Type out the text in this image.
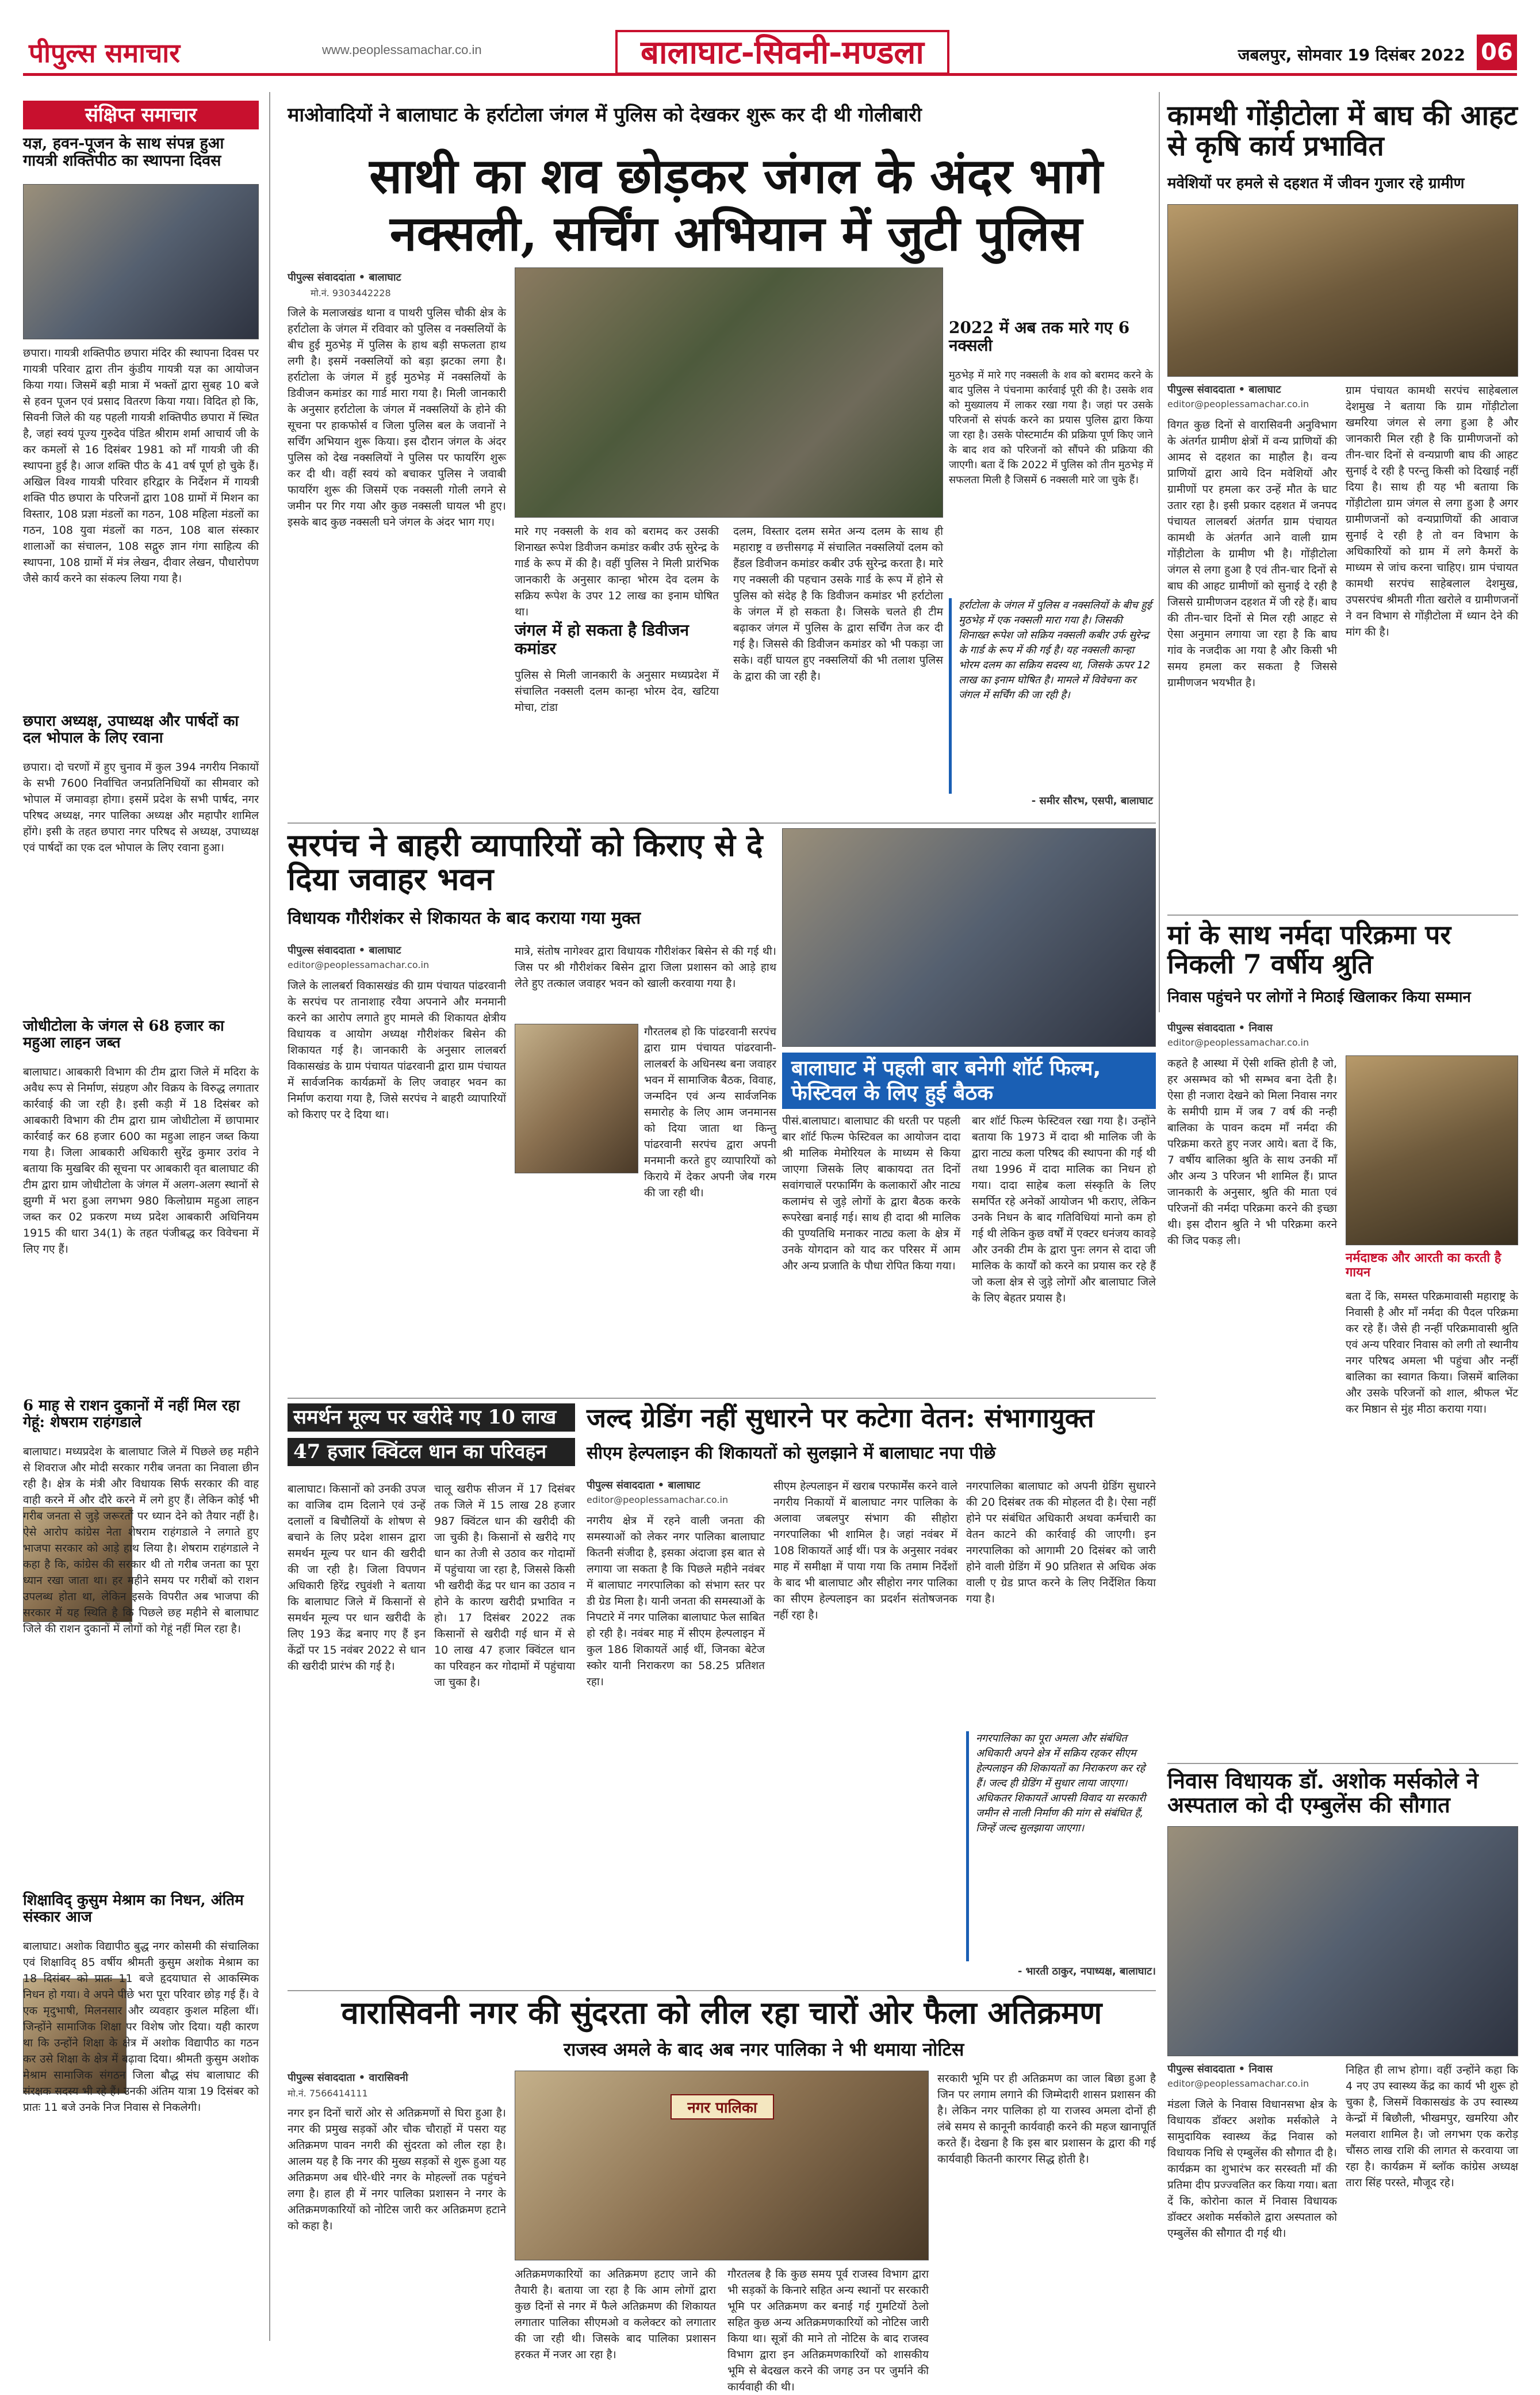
पीपुल्स समाचार	www.peoplessamachar.co.in	बालाघाट-सिवनी-मण्डला	जबलपुर, सोमवार 19 दिसंबर 2022 06
संक्षिप्त समाचार
यज्ञ, हवन-पूजन के साथ संपन्न हुआ गायत्री शक्तिपीठ का स्थापना दिवस
छपारा। गायत्री शक्तिपीठ छपारा मंदिर की स्थापना दिवस पर गायत्री परिवार द्वारा तीन कुंडीय गायत्री यज्ञ का आयोजन किया गया। जिसमें बड़ी मात्रा में भक्तों द्वारा सुबह 10 बजे से हवन पूजन एवं प्रसाद वितरण किया गया। विदित हो कि, सिवनी जिले की यह पहली गायत्री शक्तिपीठ छपारा में स्थित है, जहां स्वयं पूज्य गुरुदेव पंडित श्रीराम शर्मा आचार्य जी के कर कमलों से 16 दिसंबर 1981 को माँ गायत्री जी की स्थापना हुई है। आज शक्ति पीठ के 41 वर्ष पूर्ण हो चुके हैं। अखिल विश्व गायत्री परिवार हरिद्वार के निर्देशन में गायत्री शक्ति पीठ छपारा के परिजनों द्वारा 108 ग्रामों में मिशन का विस्तार, 108 प्रज्ञा मंडलों का गठन, 108 महिला मंडलों का गठन, 108 युवा मंडलों का गठन, 108 बाल संस्कार शालाओं का संचालन, 108 सद्गुरु ज्ञान गंगा साहित्य की स्थापना, 108 ग्रामों में मंत्र लेखन, दीवार लेखन, पौधारोपण जैसे कार्य करने का संकल्प लिया गया है।
छपारा अध्यक्ष, उपाध्यक्ष और पार्षदों का दल भोपाल के लिए रवाना
छपारा। दो चरणों में हुए चुनाव में कुल 394 नगरीय निकायों के सभी 7600 निर्वाचित जनप्रतिनिधियों का सीमवार को भोपाल में जमावड़ा होगा। इसमें प्रदेश के सभी पार्षद, नगर परिषद अध्यक्ष, नगर पालिका अध्यक्ष और महापौर शामिल होंगे। इसी के तहत छपारा नगर परिषद से अध्यक्ष, उपाध्यक्ष एवं पार्षदों का एक दल भोपाल के लिए रवाना हुआ।
जोधीटोला के जंगल से 68 हजार का महुआ लाहन जब्त
बालाघाट। आबकारी विभाग की टीम द्वारा जिले में मदिरा के अवैध रूप से निर्माण, संग्रहण और विक्रय के विरुद्ध लगातार कार्रवाई की जा रही है। इसी कड़ी में 18 दिसंबर को आबकारी विभाग की टीम द्वारा ग्राम जोधीटोला में छापामार कार्रवाई कर 68 हजार 600 का महुआ लाहन जब्त किया गया है। जिला आबकारी अधिकारी सुरेंद्र कुमार उरांव ने बताया कि मुखबिर की सूचना पर आबकारी वृत बालाघाट की टीम द्वारा ग्राम जोधीटोला के जंगल में अलग-अलग स्थानों से झुग्गी में भरा हुआ लगभग 980 किलोग्राम महुआ लाहन जब्त कर 02 प्रकरण मध्य प्रदेश आबकारी अधिनियम 1915 की धारा 34(1) के तहत पंजीबद्ध कर विवेचना में लिए गए हैं।
6 माह से राशन दुकानों में नहीं मिल रहा गेहूं: शेषराम राहंगडाले
बालाघाट। मध्यप्रदेश के बालाघाट जिले में पिछले छह महीने से शिवराज और मोदी सरकार गरीब जनता का निवाला छीन रही है। क्षेत्र के मंत्री और विधायक सिर्फ सरकार की वाह वाही करने में और दौरे करने में लगे हुए हैं। लेकिन कोई भी गरीब जनता से जुड़े जरूरतों पर ध्यान देने को तैयार नहीं है। ऐसे आरोप कांग्रेस नेता शेषराम राहंगडाले ने लगाते हुए भाजपा सरकार को आड़े हाथ लिया है। शेषराम राहंगडाले ने कहा है कि, कांग्रेस की सरकार थी तो गरीब जनता का पूरा ध्यान रखा जाता था। हर महीने समय पर गरीबों को राशन उपलब्ध होता था, लेकिन इसके विपरीत अब भाजपा की सरकार में यह स्थिति है कि पिछले छह महीने से बालाघाट जिले की राशन दुकानों में लोगों को गेहूं नहीं मिल रहा है।
शिक्षाविद् कुसुम मेश्राम का निधन, अंतिम संस्कार आज
बालाघाट। अशोक विद्यापीठ बुद्ध नगर कोसमी की संचालिका एवं शिक्षाविद् 85 वर्षीय श्रीमती कुसुम अशोक मेश्राम का 18 दिसंबर को प्रातः 11 बजे हृदयाघात से आकस्मिक निधन हो गया। वे अपने पीछे भरा पूरा परिवार छोड़ गई हैं। वे एक मृदुभाषी, मिलनसार और व्यवहार कुशल महिला थीं। जिन्होंने सामाजिक शिक्षा पर विशेष जोर दिया। यही कारण था कि उन्होंने शिक्षा के क्षेत्र में अशोक विद्यापीठ का गठन कर उसे शिक्षा के क्षेत्र में बढ़ावा दिया। श्रीमती कुसुम अशोक मेश्राम सामाजिक संगठन जिला बौद्ध संघ बालाघाट की संरक्षक सदस्य भी रहे हैं। उनकी अंतिम यात्रा 19 दिसंबर को प्रातः 11 बजे उनके निज निवास से निकलेगी।
माओवादियों ने बालाघाट के हर्राटोला जंगल में पुलिस को देखकर शुरू कर दी थी गोलीबारी
साथी का शव छोड़कर जंगल के अंदर भागे
नक्सली, सर्चिंग अभियान में जुटी पुलिस
पीपुल्स संवाददाता • बालाघाट
मो.नं. 9303442228
जिले के मलाजखंड थाना व पाथरी पुलिस चौकी क्षेत्र के हर्राटोला के जंगल में रविवार को पुलिस व नक्सलियों के बीच हुई मुठभेड़ में पुलिस के हाथ बड़ी सफलता हाथ लगी है। इसमें नक्सलियों को बड़ा झटका लगा है। हर्राटोला के जंगल में हुई मुठभेड़ में नक्सलियों के डिवीजन कमांडर का गार्ड मारा गया है। मिली जानकारी के अनुसार हर्राटोला के जंगल में नक्सलियों के होने की सूचना पर हाकफोर्स व जिला पुलिस बल के जवानों ने सर्चिंग अभियान शुरू किया। इस दौरान जंगल के अंदर पुलिस को देख नक्सलियों ने पुलिस पर फायरिंग शुरू कर दी थी। वहीं स्वयं को बचाकर पुलिस ने जवाबी फायरिंग शुरू की जिसमें एक नक्सली गोली लगने से जमीन पर गिर गया और कुछ नक्सली घायल भी हुए। इसके बाद कुछ नक्सली घने जंगल के अंदर भाग गए।
मारे गए नक्सली के शव को बरामद कर उसकी शिनाख्त रूपेश डिवीजन कमांडर कबीर उर्फ सुरेन्द्र के गार्ड के रूप में की है। वहीं पुलिस ने मिली प्रारंभिक जानकारी के अनुसार कान्हा भोरम देव दलम के सक्रिय रूपेश के उपर 12 लाख का इनाम घोषित था।
जंगल में हो सकता है डिवीजन कमांडर
पुलिस से मिली जानकारी के अनुसार मध्यप्रदेश में संचालित नक्सली दलम कान्हा भोरम देव, खटिया मोचा, टांडा
दलम, विस्तार दलम समेत अन्य दलम के साथ ही महाराष्ट्र व छत्तीसगढ़ में संचालित नक्सलियों दलम को हैंडल डिवीजन कमांडर कबीर उर्फ सुरेन्द्र करता है। मारे गए नक्सली की पहचान उसके गार्ड के रूप में होने से पुलिस को संदेह है कि डिवीजन कमांडर भी हर्राटोला के जंगल में हो सकता है। जिसके चलते ही टीम बढ़ाकर जंगल में पुलिस के द्वारा सर्चिंग तेज कर दी गई है। जिससे की डिवीजन कमांडर को भी पकड़ा जा सके। वहीं घायल हुए नक्सलियों की भी तलाश पुलिस के द्वारा की जा रही है।
2022 में अब तक मारे गए 6 नक्सली
मुठभेड़ में मारे गए नक्सली के शव को बरामद करने के बाद पुलिस ने पंचनामा कार्रवाई पूरी की है। उसके शव को मुख्यालय में लाकर रखा गया है। जहां पर उसके परिजनों से संपर्क करने का प्रयास पुलिस द्वारा किया जा रहा है। उसके पोस्टमार्टम की प्रक्रिया पूर्ण किए जाने के बाद शव को परिजनों को सौंपने की प्रक्रिया की जाएगी। बता दें कि 2022 में पुलिस को तीन मुठभेड़ में सफलता मिली है जिसमें 6 नक्सली मारे जा चुके हैं।
हर्राटोला के जंगल में पुलिस व नक्सलियों के बीच हुई मुठभेड़ में एक नक्सली मारा गया है। जिसकी शिनाख्त रूपेश जो सक्रिय नक्सली कबीर उर्फ सुरेन्द्र के गार्ड के रूप में की गई है। यह नक्सली कान्हा भोरम दलम का सक्रिय सदस्य था, जिसके ऊपर 12 लाख का इनाम घोषित है। मामले में विवेचना कर जंगल में सर्चिंग की जा रही है।
- समीर सौरभ, एसपी, बालाघाट
कामथी गोंड़ीटोला में बाघ की आहट से कृषि कार्य प्रभावित
मवेशियों पर हमले से दहशत में जीवन गुजार रहे ग्रामीण
पीपुल्स संवाददाता • बालाघाट
editor@peoplessamachar.co.in
विगत कुछ दिनों से वारासिवनी अनुविभाग के अंतर्गत ग्रामीण क्षेत्रों में वन्य प्राणियों की आमद से दहशत का माहौल है। वन्य प्राणियों द्वारा आये दिन मवेशियों और ग्रामीणों पर हमला कर उन्हें मौत के घाट उतार रहा है। इसी प्रकार दहशत में जनपद पंचायत लालबर्रा अंतर्गत ग्राम पंचायत कामथी के अंतर्गत आने वाली ग्राम गोंड़ीटोला के ग्रामीण भी है। गोंड़ीटोला जंगल से लगा हुआ है एवं तीन-चार दिनों से बाघ की आहट ग्रामीणों को सुनाई दे रही है जिससे ग्रामीणजन दहशत में जी रहे हैं। बाघ की तीन-चार दिनों से मिल रही आहट से ऐसा अनुमान लगाया जा रहा है कि बाघ गांव के नजदीक आ गया है और किसी भी समय हमला कर सकता है जिससे ग्रामीणजन भयभीत है।
ग्राम पंचायत कामथी सरपंच साहेबलाल देशमुख ने बताया कि ग्राम गोंड़ीटोला खमरिया जंगल से लगा हुआ है और जानकारी मिल रही है कि ग्रामीणजनों को तीन-चार दिनों से वन्यप्राणी बाघ की आहट सुनाई दे रही है परन्तु किसी को दिखाई नहीं दिया है। साथ ही यह भी बताया कि गोंड़ीटोला ग्राम जंगल से लगा हुआ है अगर ग्रामीणजनों को वन्यप्राणियों की आवाज सुनाई दे रही है तो वन विभाग के अधिकारियों को ग्राम में लगे कैमरों के माध्यम से जांच करना चाहिए। ग्राम पंचायत कामथी सरपंच साहेबलाल देशमुख, उपसरपंच श्रीमती गीता खरोले व ग्रामीणजनों ने वन विभाग से गोंड़ीटोला में ध्यान देने की मांग की है।
सरपंच ने बाहरी व्यापारियों को किराए से दे दिया जवाहर भवन
विधायक गौरीशंकर से शिकायत के बाद कराया गया मुक्त
पीपुल्स संवाददाता • बालाघाट
editor@peoplessamachar.co.in
जिले के लालबर्रा विकासखंड की ग्राम पंचायत पांढरवानी के सरपंच पर तानाशाह रवैया अपनाने और मनमानी करने का आरोप लगाते हुए मामले की शिकायत क्षेत्रीय विधायक व आयोग अध्यक्ष गौरीशंकर बिसेन की शिकायत गई है। जानकारी के अनुसार लालबर्रा विकासखंड के ग्राम पंचायत पांढरवानी द्वारा ग्राम पंचायत में सार्वजनिक कार्यक्रमों के लिए जवाहर भवन का निर्माण कराया गया है, जिसे सरपंच ने बाहरी व्यापारियों को किराए पर दे दिया था।
मात्रे, संतोष नागेश्वर द्वारा विधायक गौरीशंकर बिसेन से की गई थी। जिस पर श्री गौरीशंकर बिसेन द्वारा जिला प्रशासन को आड़े हाथ लेते हुए तत्काल जवाहर भवन को खाली करवाया गया है।
गौरतलब हो कि पांढरवानी सरपंच द्वारा ग्राम पंचायत पांढरवानी-लालबर्रा के अधिनस्थ बना जवाहर भवन में सामाजिक बैठक, विवाह, जन्मदिन एवं अन्य सार्वजनिक समारोह के लिए आम जनमानस को दिया जाता था किन्तु पांढरवानी सरपंच द्वारा अपनी मनमानी करते हुए व्यापारियों को किराये में देकर अपनी जेब गरम की जा रही थी।
बालाघाट में पहली बार बनेगी शॉर्ट फिल्म, फेस्टिवल के लिए हुई बैठक
पीसं.बालाघाट। बालाघाट की धरती पर पहली बार शॉर्ट फिल्म फेस्टिवल का आयोजन दादा श्री मालिक मेमोरियल के माध्यम से किया जाएगा जिसके लिए बाकायदा तत दिनों सवांगचालें परफार्मिंग के कलाकारों और नाट्य कलामंच से जुड़े लोगों के द्वारा बैठक करके रूपरेखा बनाई गई। साथ ही दादा श्री मालिक की पुण्यतिथि मनाकर नाट्य कला के क्षेत्र में उनके योगदान को याद कर परिसर में आम और अन्य प्रजाति के पौधा रोपित किया गया।
बार शॉर्ट फिल्म फेस्टिवल रखा गया है। उन्होंने बताया कि 1973 में दादा श्री मालिक जी के द्वारा नाट्य कला परिषद की स्थापना की गई थी तथा 1996 में दादा मालिक का निधन हो गया। दादा साहेब कला संस्कृति के लिए समर्पित रहे अनेकों आयोजन भी कराए, लेकिन उनके निधन के बाद गतिविधियां मानो कम हो गई थी लेकिन कुछ वर्षों में एक्टर धनंजय कावड़े और उनकी टीम के द्वारा पुनः लगन से दादा जी मालिक के कार्यों को करने का प्रयास कर रहे हैं जो कला क्षेत्र से जुड़े लोगों और बालाघाट जिले के लिए बेहतर प्रयास है।
मां के साथ नर्मदा परिक्रमा पर निकली 7 वर्षीय श्रुति
निवास पहुंचने पर लोगों ने मिठाई खिलाकर किया सम्मान
पीपुल्स संवाददाता • निवास
editor@peoplessamachar.co.in
कहते है आस्था में ऐसी शक्ति होती है जो, हर असम्भव को भी सम्भव बना देती है। ऐसा ही नजारा देखने को मिला निवास नगर के समीपी ग्राम में जब 7 वर्ष की नन्ही बालिका के पावन कदम माँ नर्मदा की परिक्रमा करते हुए नजर आये। बता दें कि, 7 वर्षीय बालिका श्रुति के साथ उनकी माँ और अन्य 3 परिजन भी शामिल हैं। प्राप्त जानकारी के अनुसार, श्रुति की माता एवं परिजनों की नर्मदा परिक्रमा करने की इच्छा थी। इस दौरान श्रुति ने भी परिक्रमा करने की जिद पकड़ ली।
नर्मदाष्टक और आरती का करती है गायन
बता दें कि, समस्त परिक्रमावासी महाराष्ट्र के निवासी है और माँ नर्मदा की पैदल परिक्रमा कर रहे हैं। जैसे ही नन्हीं परिक्रमावासी श्रुति एवं अन्य परिवार निवास को लगी तो स्थानीय नगर परिषद अमला भी पहुंचा और नन्हीं बालिका का स्वागत किया। जिसमें बालिका और उसके परिजनों को शाल, श्रीफल भेंट कर मिष्ठान से मुंह मीठा कराया गया।
समर्थन मूल्य पर खरीदे गए 10 लाख
47 हजार क्विंटल धान का परिवहन
बालाघाट। किसानों को उनकी उपज का वाजिब दाम दिलाने एवं उन्हें दलालों व बिचौलियों के शोषण से बचाने के लिए प्रदेश शासन द्वारा समर्थन मूल्य पर धान की खरीदी की जा रही है। जिला विपणन अधिकारी हिरेंद्र रघुवंशी ने बताया कि बालाघाट जिले में किसानों से समर्थन मूल्य पर धान खरीदी के लिए 193 केंद्र बनाए गए हैं इन केंद्रों पर 15 नवंबर 2022 से धान की खरीदी प्रारंभ की गई है।
चालू खरीफ सीजन में 17 दिसंबर तक जिले में 15 लाख 28 हजार 987 क्विंटल धान की खरीदी की जा चुकी है। किसानों से खरीदे गए धान का तेजी से उठाव कर गोदामों में पहुंचाया जा रहा है, जिससे किसी भी खरीदी केंद्र पर धान का उठाव न होने के कारण खरीदी प्रभावित न हो। 17 दिसंबर 2022 तक किसानों से खरीदी गई धान में से 10 लाख 47 हजार क्विंटल धान का परिवहन कर गोदामों में पहुंचाया जा चुका है।
जल्द ग्रेडिंग नहीं सुधारने पर कटेगा वेतन: संभागायुक्त
सीएम हेल्पलाइन की शिकायतों को सुलझाने में बालाघाट नपा पीछे
पीपुल्स संवाददाता • बालाघाट
editor@peoplessamachar.co.in
नगरीय क्षेत्र में रहने वाली जनता की समस्याओं को लेकर नगर पालिका बालाघाट कितनी संजीदा है, इसका अंदाजा इस बात से लगाया जा सकता है कि पिछले महीने नवंबर में बालाघाट नगरपालिका को संभाग स्तर पर डी ग्रेड मिला है। यानी जनता की समस्याओं के निपटारे में नगर पालिका बालाघाट फेल साबित हो रही है। नवंबर माह में सीएम हेल्पलाइन में कुल 186 शिकायतें आई थीं, जिनका बेटेज स्कोर यानी निराकरण का 58.25 प्रतिशत रहा।
सीएम हेल्पलाइन में खराब परफार्मेंस करने वाले नगरीय निकायों में बालाघाट नगर पालिका के अलावा जबलपुर संभाग की सीहोरा नगरपालिका भी शामिल है। जहां नवंबर में 108 शिकायतें आई थीं। पत्र के अनुसार नवंबर माह में समीक्षा में पाया गया कि तमाम निर्देशों के बाद भी बालाघाट और सीहोरा नगर पालिका का सीएम हेल्पलाइन का प्रदर्शन संतोषजनक नहीं रहा है।
नगरपालिका बालाघाट को अपनी ग्रेडिंग सुधारने की 20 दिसंबर तक की मोहलत दी है। ऐसा नहीं होने पर संबंधित अधिकारी अथवा कर्मचारी का वेतन काटने की कार्रवाई की जाएगी। इन नगरपालिका को आगामी 20 दिसंबर को जारी होने वाली ग्रेडिंग में 90 प्रतिशत से अधिक अंक वाली ए ग्रेड प्राप्त करने के लिए निर्देशित किया गया है।
नगरपालिका का पूरा अमला और संबंधित अधिकारी अपने क्षेत्र में सक्रिय रहकर सीएम हेल्पलाइन की शिकायतों का निराकरण कर रहे हैं। जल्द ही ग्रेडिंग में सुधार लाया जाएगा। अधिकतर शिकायतें आपसी विवाद या सरकारी जमीन से नाली निर्माण की मांग से संबंधित हैं, जिन्हें जल्द सुलझाया जाएगा।
- भारती ठाकुर, नपाध्यक्ष, बालाघाट।
निवास विधायक डॉ. अशोक मर्सकोले ने अस्पताल को दी एम्बुलेंस की सौगात
पीपुल्स संवाददाता • निवास
editor@peoplessamachar.co.in
मंडला जिले के निवास विधानसभा क्षेत्र के विधायक डॉक्टर अशोक मर्सकोले ने सामुदायिक स्वास्थ्य केंद्र निवास को विधायक निधि से एम्बुलेंस की सौगात दी है। कार्यक्रम का शुभारंभ कर सरस्वती माँ की प्रतिमा दीप प्रज्ज्वलित कर किया गया। बता दें कि, कोरोना काल में निवास विधायक डॉक्टर अशोक मर्सकोले द्वारा अस्पताल को एम्बुलेंस की सौगात दी गई थी।
निहित ही लाभ होगा। वहीं उन्होंने कहा कि 4 नए उप स्वास्थ्य केंद्र का कार्य भी शुरू हो चुका है, जिसमें विकासखंड के उप स्वास्थ्य केन्द्रों में बिछौली, भीखमपुर, खमरिया और मलवारा शामिल है। जो लगभग एक करोड़ चौंसठ लाख राशि की लागत से करवाया जा रहा है। कार्यक्रम में ब्लॉक कांग्रेस अध्यक्ष तारा सिंह परस्ते, मौजूद रहे।
वारासिवनी नगर की सुंदरता को लील रहा चारों ओर फैला अतिक्रमण
राजस्व अमले के बाद अब नगर पालिका ने भी थमाया नोटिस
पीपुल्स संवाददाता • वारासिवनी
मो.नं. 7566414111
नगर इन दिनों चारों ओर से अतिक्रमणों से घिरा हुआ है। नगर की प्रमुख सड़कों और चौक चौराहों में पसरा यह अतिक्रमण पावन नगरी की सुंदरता को लील रहा है। आलम यह है कि नगर की मुख्य सड़कों से शुरू हुआ यह अतिक्रमण अब धीरे-धीरे नगर के मोहल्लों तक पहुंचने लगा है। हाल ही में नगर पालिका प्रशासन ने नगर के अतिक्रमणकारियों को नोटिस जारी कर अतिक्रमण हटाने को कहा है।
नगर पालिका
अतिक्रमणकारियों का अतिक्रमण हटाए जाने की तैयारी है। बताया जा रहा है कि आम लोगों द्वारा कुछ दिनों से नगर में फैले अतिक्रमण की शिकायत लगातार पालिका सीएमओ व कलेक्टर को लगातार की जा रही थी। जिसके बाद पालिका प्रशासन हरकत में नजर आ रहा है।
गौरतलब है कि कुछ समय पूर्व राजस्व विभाग द्वारा भी सड़कों के किनारे सहित अन्य स्थानों पर सरकारी भूमि पर अतिक्रमण कर बनाई गई गुमटियों ठेलो सहित कुछ अन्य अतिक्रमणकारियों को नोटिस जारी किया था। सूत्रों की माने तो नोटिस के बाद राजस्व विभाग द्वारा इन अतिक्रमणकारियों को शासकीय भूमि से बेदखल करने की जगह उन पर जुर्माने की कार्यवाही की थी।
सरकारी भूमि पर ही अतिक्रमण का जाल बिछा हुआ है जिन पर लगाम लगाने की जिम्मेदारी शासन प्रशासन की है। लेकिन नगर पालिका हो या राजस्व अमला दोनों ही लंबे समय से कानूनी कार्यवाही करने की महज खानापूर्ति करते हैं। देखना है कि इस बार प्रशासन के द्वारा की गई कार्यवाही कितनी कारगर सिद्ध होती है।
